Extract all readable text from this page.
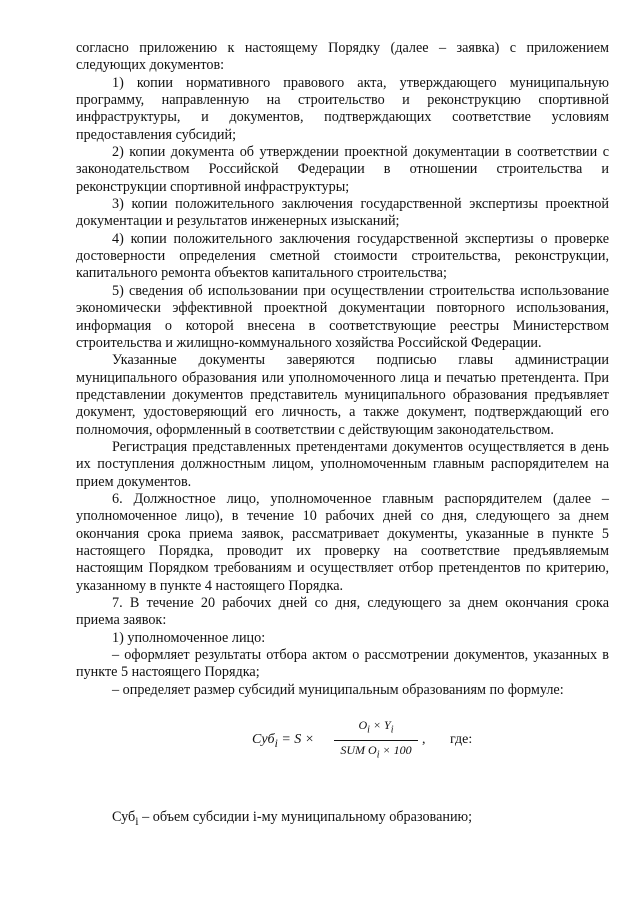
согласно приложению к настоящему Порядку (далее – заявка) с приложением следующих документов:

1) копии нормативного правового акта, утверждающего муниципальную программу, направленную на строительство и реконструкцию спортивной инфраструктуры, и документов, подтверждающих соответствие условиям предоставления субсидий;

2) копии документа об утверждении проектной документации в соответствии с законодательством Российской Федерации в отношении строительства и реконструкции спортивной инфраструктуры;

3) копии положительного заключения государственной экспертизы проектной документации и результатов инженерных изысканий;

4) копии положительного заключения государственной экспертизы о проверке достоверности определения сметной стоимости строительства, реконструкции, капитального ремонта объектов капитального строительства;

5) сведения об использовании при осуществлении строительства использование экономически эффективной проектной документации повторного использования, информация о которой внесена в соответствующие реестры Министерством строительства и жилищно-коммунального хозяйства Российской Федерации.

Указанные документы заверяются подписью главы администрации муниципального образования или уполномоченного лица и печатью претендента. При представлении документов представитель муниципального образования предъявляет документ, удостоверяющий его личность, а также документ, подтверждающий его полномочия, оформленный в соответствии с действующим законодательством.

Регистрация представленных претендентами документов осуществляется в день их поступления должностным лицом, уполномоченным главным распорядителем на прием документов.

6. Должностное лицо, уполномоченное главным распорядителем (далее – уполномоченное лицо), в течение 10 рабочих дней со дня, следующего за днем окончания срока приема заявок, рассматривает документы, указанные в пункте 5 настоящего Порядка, проводит их проверку на соответствие предъявляемым настоящим Порядком требованиям и осуществляет отбор претендентов по критерию, указанному в пункте 4 настоящего Порядка.

7. В течение 20 рабочих дней со дня, следующего за днем окончания срока приема заявок:

1) уполномоченное лицо:

– оформляет результаты отбора актом о рассмотрении документов, указанных в пункте 5 настоящего Порядка;

– определяет размер субсидий муниципальным образованиям по формуле:

Суб$_i$ = S ×
$O_i \times Y_i$
SUM $O_i \times 100$
, где:

Суб$_i$ – объем субсидии i-му муниципальному образованию;
